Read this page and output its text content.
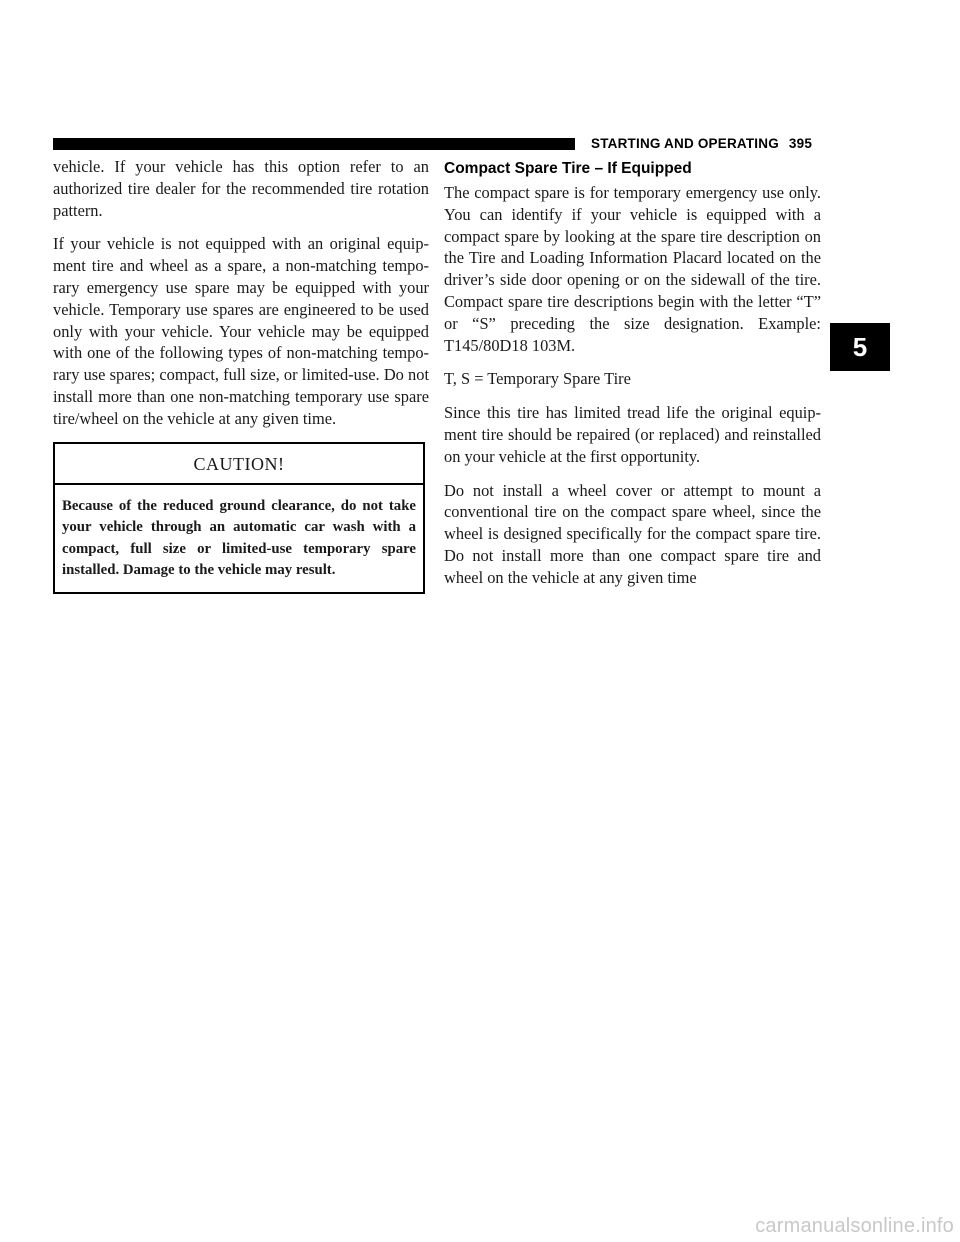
STARTING AND OPERATING 395

vehicle. If your vehicle has this option refer to an authorized tire dealer for the recommended tire rotation pattern.

If your vehicle is not equipped with an original equip-ment tire and wheel as a spare, a non-matching tempo-rary emergency use spare may be equipped with your vehicle. Temporary use spares are engineered to be used only with your vehicle. Your vehicle may be equipped with one of the following types of non-matching tempo-rary use spares; compact, full size, or limited-use. Do not install more than one non-matching temporary use spare tire/wheel on the vehicle at any given time.

CAUTION!
Because of the reduced ground clearance, do not take your vehicle through an automatic car wash with a compact, full size or limited-use temporary spare installed. Damage to the vehicle may result.
Compact Spare Tire – If Equipped

The compact spare is for temporary emergency use only. You can identify if your vehicle is equipped with a compact spare by looking at the spare tire description on the Tire and Loading Information Placard located on the driver’s side door opening or on the sidewall of the tire. Compact spare tire descriptions begin with the letter “T” or “S” preceding the size designation. Example: T145/80D18 103M.

T, S = Temporary Spare Tire

Since this tire has limited tread life the original equip-ment tire should be repaired (or replaced) and reinstalled on your vehicle at the first opportunity.

Do not install a wheel cover or attempt to mount a conventional tire on the compact spare wheel, since the wheel is designed specifically for the compact spare tire. Do not install more than one compact spare tire and wheel on the vehicle at any given time

5
carmanualsonline.info
